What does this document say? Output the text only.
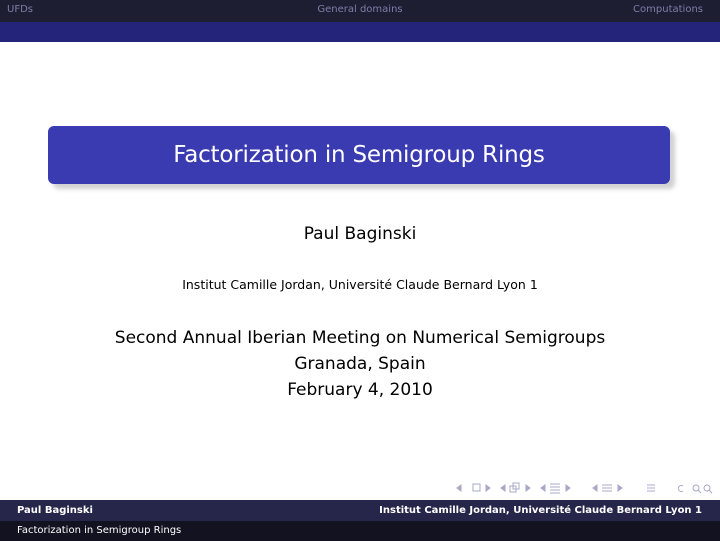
UFDs	General domains	Computations
Factorization in Semigroup Rings
Paul Baginski
Institut Camille Jordan, Université Claude Bernard Lyon 1
Second Annual Iberian Meeting on Numerical Semigroups
Granada, Spain
February 4, 2010
Paul Baginski	Institut Camille Jordan, Université Claude Bernard Lyon 1
Factorization in Semigroup Rings
